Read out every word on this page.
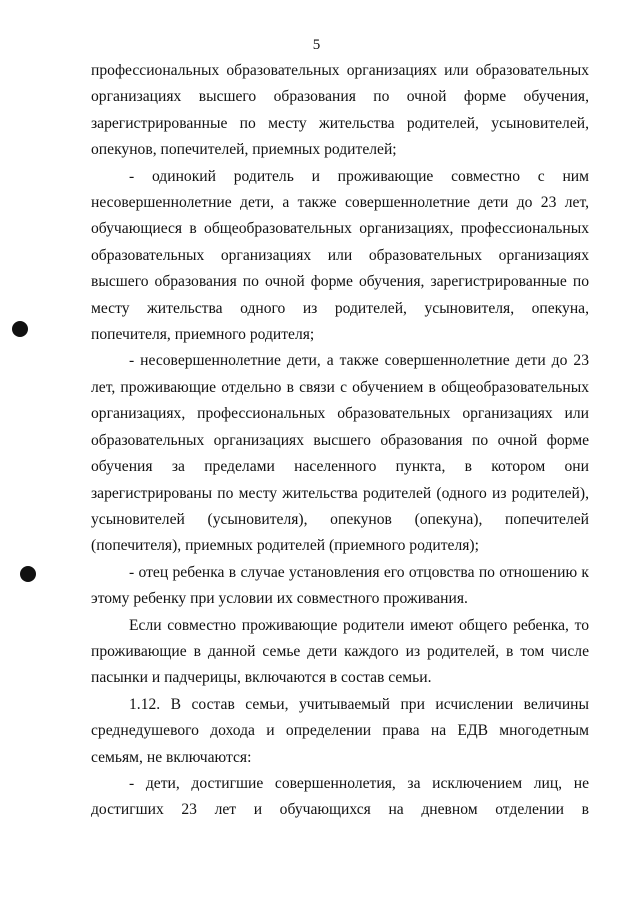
5

профессиональных образовательных организациях или образовательных организациях высшего образования по очной форме обучения, зарегистрированные по месту жительства родителей, усыновителей, опекунов, попечителей, приемных родителей;

- одинокий родитель и проживающие совместно с ним несовершеннолетние дети, а также совершеннолетние дети до 23 лет, обучающиеся в общеобразовательных организациях, профессиональных образовательных организациях или образовательных организациях высшего образования по очной форме обучения, зарегистрированные по месту жительства одного из родителей, усыновителя, опекуна, попечителя, приемного родителя;

- несовершеннолетние дети, а также совершеннолетние дети до 23 лет, проживающие отдельно в связи с обучением в общеобразовательных организациях, профессиональных образовательных организациях или образовательных организациях высшего образования по очной форме обучения за пределами населенного пункта, в котором они зарегистрированы по месту жительства родителей (одного из родителей), усыновителей (усыновителя), опекунов (опекуна), попечителей (попечителя), приемных родителей (приемного родителя);

- отец ребенка в случае установления его отцовства по отношению к этому ребенку при условии их совместного проживания.

Если совместно проживающие родители имеют общего ребенка, то проживающие в данной семье дети каждого из родителей, в том числе пасынки и падчерицы, включаются в состав семьи.

1.12. В состав семьи, учитываемый при исчислении величины среднедушевого дохода и определении права на ЕДВ многодетным семьям, не включаются:

- дети, достигшие совершеннолетия, за исключением лиц, не достигших 23 лет и обучающихся на дневном отделении в
